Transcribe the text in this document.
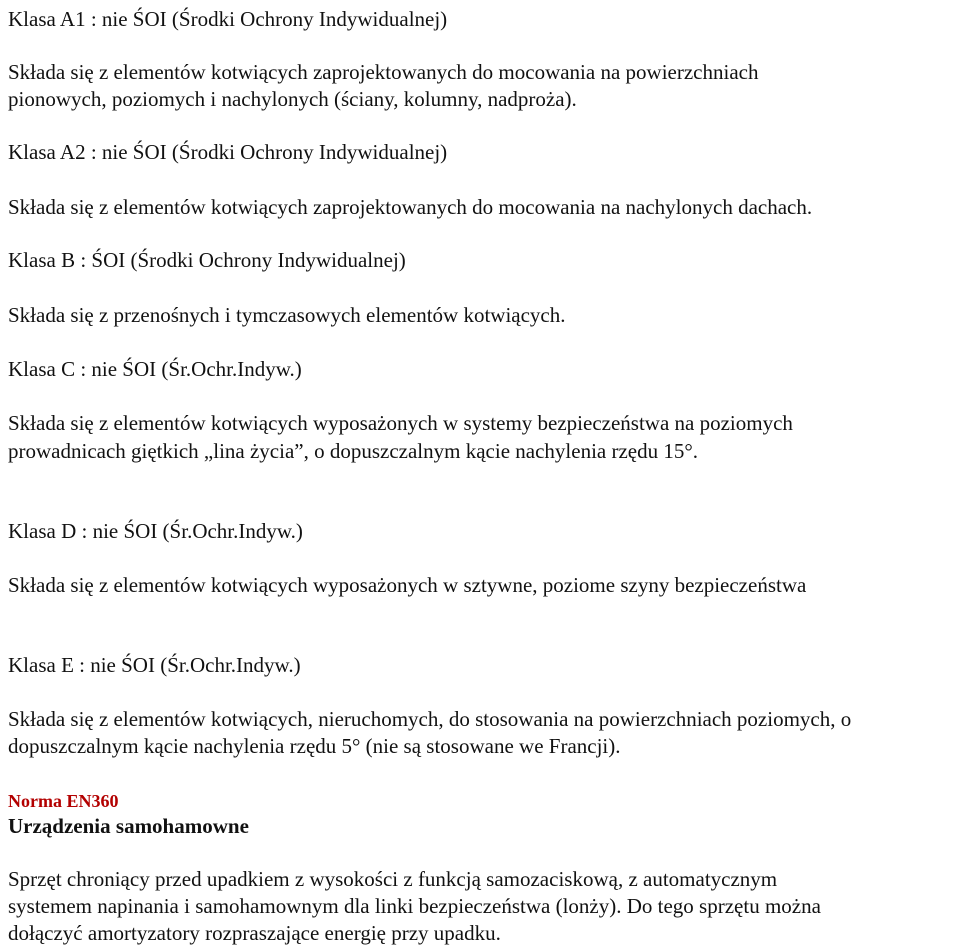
Klasa A1 : nie ŚOI (Środki Ochrony Indywidualnej)
Składa się z elementów kotwiących zaprojektowanych do mocowania na powierzchniach
pionowych, poziomych i nachylonych (ściany, kolumny, nadproża).
Klasa A2 : nie ŚOI (Środki Ochrony Indywidualnej)
Składa się z elementów kotwiących zaprojektowanych do mocowania na nachylonych dachach.
Klasa B : ŚOI (Środki Ochrony Indywidualnej)
Składa się z przenośnych i tymczasowych elementów kotwiących.
Klasa C : nie ŚOI (Śr.Ochr.Indyw.)
Składa się z elementów kotwiących wyposażonych w systemy bezpieczeństwa na poziomych
prowadnicach giętkich „lina życia”, o dopuszczalnym kącie nachylenia rzędu 15°.
Klasa D : nie ŚOI (Śr.Ochr.Indyw.)
Składa się z elementów kotwiących wyposażonych w sztywne, poziome szyny bezpieczeństwa
Klasa E : nie ŚOI (Śr.Ochr.Indyw.)
Składa się z elementów kotwiących, nieruchomych, do stosowania na powierzchniach poziomych, o
dopuszczalnym kącie nachylenia rzędu 5° (nie są stosowane we Francji).
Norma EN360
Urządzenia samohamowne
Sprzęt chroniący przed upadkiem z wysokości z funkcją samozaciskową, z automatycznym
systemem napinania i samohamownym dla linki bezpieczeństwa (lonży). Do tego sprzętu można
dołączyć amortyzatory rozpraszające energię przy upadku.
